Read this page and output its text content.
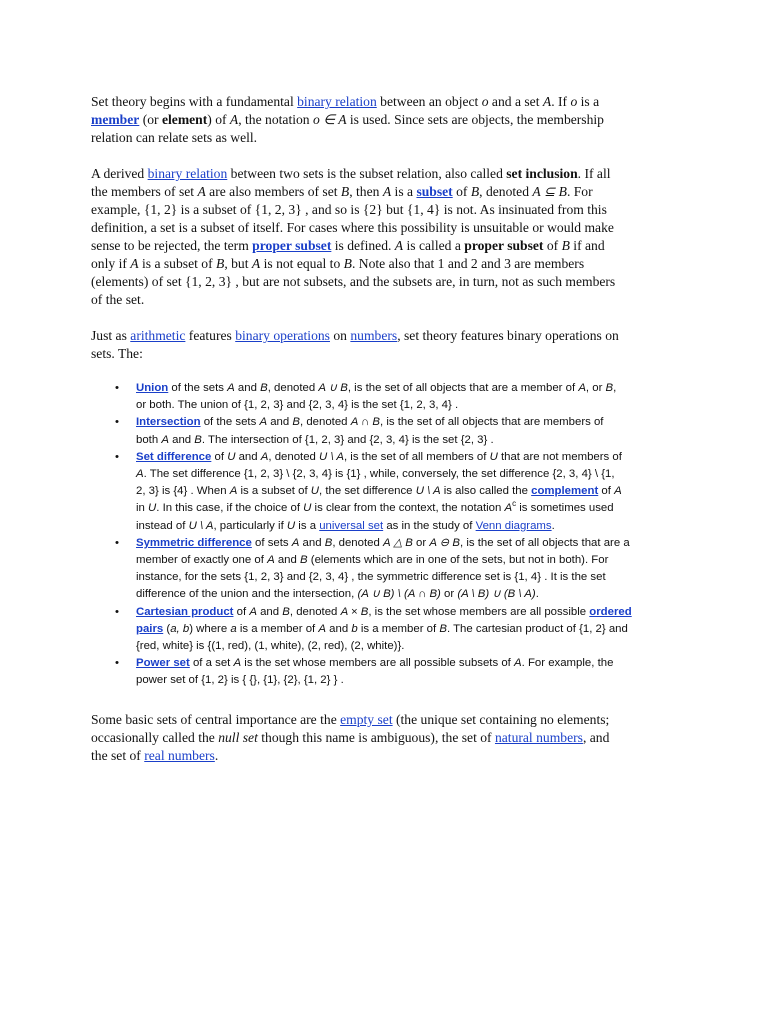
Set theory begins with a fundamental binary relation between an object o and a set A. If o is a
member (or element) of A, the notation o ∈ A is used. Since sets are objects, the membership
relation can relate sets as well.

A derived binary relation between two sets is the subset relation, also called set inclusion. If all
the members of set A are also members of set B, then A is a subset of B, denoted A ⊆ B. For
example, {1, 2} is a subset of {1, 2, 3} , and so is {2} but {1, 4} is not. As insinuated from this
definition, a set is a subset of itself. For cases where this possibility is unsuitable or would make
sense to be rejected, the term proper subset is defined. A is called a proper subset of B if and
only if A is a subset of B, but A is not equal to B. Note also that 1 and 2 and 3 are members
(elements) of set {1, 2, 3} , but are not subsets, and the subsets are, in turn, not as such members
of the set.

Just as arithmetic features binary operations on numbers, set theory features binary operations on
sets. The:

• Union of the sets A and B, denoted A ∪ B, is the set of all objects that are a member of A, or B,
or both. The union of {1, 2, 3} and {2, 3, 4} is the set {1, 2, 3, 4} .
• Intersection of the sets A and B, denoted A ∩ B, is the set of all objects that are members of
both A and B. The intersection of {1, 2, 3} and {2, 3, 4} is the set {2, 3} .
• Set difference of U and A, denoted U \ A, is the set of all members of U that are not members of
A. The set difference {1, 2, 3} \ {2, 3, 4} is {1} , while, conversely, the set difference {2, 3, 4} \ {1,
2, 3} is {4} . When A is a subset of U, the set difference U \ A is also called the complement of A
in U. In this case, if the choice of U is clear from the context, the notation $A^c$ is sometimes used
instead of U \ A, particularly if U is a universal set as in the study of Venn diagrams.
• Symmetric difference of sets A and B, denoted A △ B or A ⊖ B, is the set of all objects that are a
member of exactly one of A and B (elements which are in one of the sets, but not in both). For
instance, for the sets {1, 2, 3} and {2, 3, 4} , the symmetric difference set is {1, 4} . It is the set
difference of the union and the intersection, (A ∪ B) \ (A ∩ B) or (A \ B) ∪ (B \ A).
• Cartesian product of A and B, denoted A × B, is the set whose members are all possible ordered
pairs (a, b) where a is a member of A and b is a member of B. The cartesian product of {1, 2} and
{red, white} is {(1, red), (1, white), (2, red), (2, white)}.
• Power set of a set A is the set whose members are all possible subsets of A. For example, the
power set of {1, 2} is { {}, {1}, {2}, {1, 2} } .

Some basic sets of central importance are the empty set (the unique set containing no elements;
occasionally called the null set though this name is ambiguous), the set of natural numbers, and
the set of real numbers.
